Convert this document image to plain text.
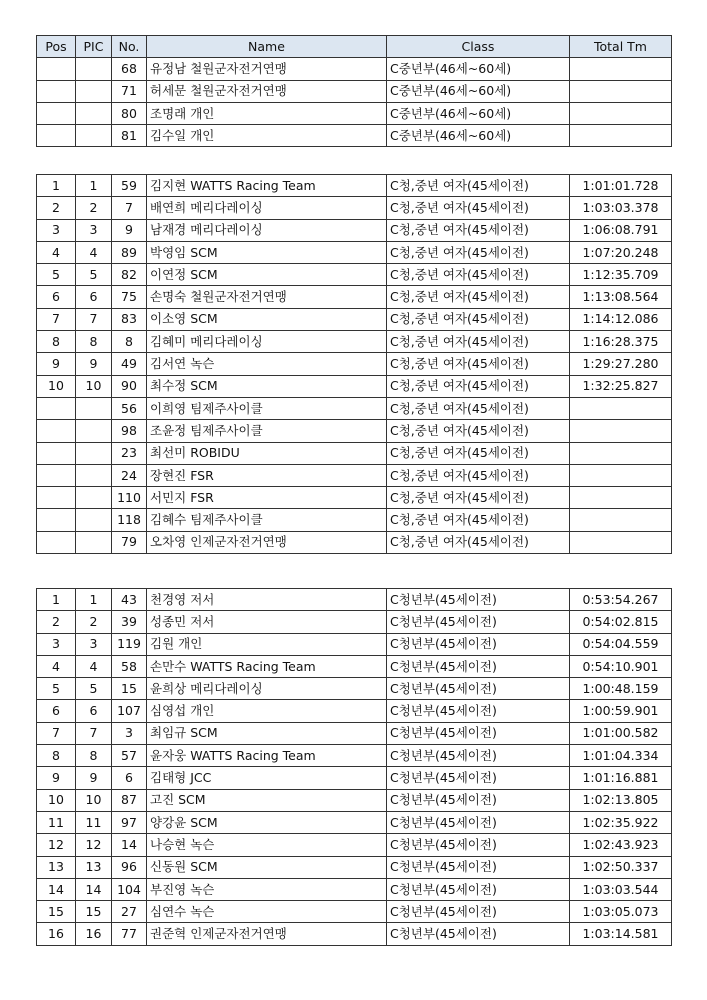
Pos	PIC	No.	Name	Class	Total Tm
		68	유정남 철원군자전거연맹	C중년부(46세~60세)	
		71	허세문 철원군자전거연맹	C중년부(46세~60세)	
		80	조명래 개인	C중년부(46세~60세)	
		81	김수일 개인	C중년부(46세~60세)	
1	1	59	김지현 WATTS Racing Team	C청,중년 여자(45세이전)	1:01:01.728
2	2	7	배연희 메리다레이싱	C청,중년 여자(45세이전)	1:03:03.378
3	3	9	남재경 메리다레이싱	C청,중년 여자(45세이전)	1:06:08.791
4	4	89	박영임 SCM	C청,중년 여자(45세이전)	1:07:20.248
5	5	82	이연정 SCM	C청,중년 여자(45세이전)	1:12:35.709
6	6	75	손명숙 철원군자전거연맹	C청,중년 여자(45세이전)	1:13:08.564
7	7	83	이소영 SCM	C청,중년 여자(45세이전)	1:14:12.086
8	8	8	김혜미 메리다레이싱	C청,중년 여자(45세이전)	1:16:28.375
9	9	49	김서연 녹슨	C청,중년 여자(45세이전)	1:29:27.280
10	10	90	최수정 SCM	C청,중년 여자(45세이전)	1:32:25.827
		56	이희영 팀제주사이클	C청,중년 여자(45세이전)	
		98	조윤정 팀제주사이클	C청,중년 여자(45세이전)	
		23	최선미 ROBIDU	C청,중년 여자(45세이전)	
		24	장현진 FSR	C청,중년 여자(45세이전)	
		110	서민지 FSR	C청,중년 여자(45세이전)	
		118	김혜수 팀제주사이클	C청,중년 여자(45세이전)	
		79	오차영 인제군자전거연맹	C청,중년 여자(45세이전)	
1	1	43	천경영 저서	C청년부(45세이전)	0:53:54.267
2	2	39	성종민 저서	C청년부(45세이전)	0:54:02.815
3	3	119	김원 개인	C청년부(45세이전)	0:54:04.559
4	4	58	손만수 WATTS Racing Team	C청년부(45세이전)	0:54:10.901
5	5	15	윤희상 메리다레이싱	C청년부(45세이전)	1:00:48.159
6	6	107	심영섭 개인	C청년부(45세이전)	1:00:59.901
7	7	3	최임규 SCM	C청년부(45세이전)	1:01:00.582
8	8	57	윤자웅 WATTS Racing Team	C청년부(45세이전)	1:01:04.334
9	9	6	김태형 JCC	C청년부(45세이전)	1:01:16.881
10	10	87	고진 SCM	C청년부(45세이전)	1:02:13.805
11	11	97	양강윤 SCM	C청년부(45세이전)	1:02:35.922
12	12	14	나승현 녹슨	C청년부(45세이전)	1:02:43.923
13	13	96	신동원 SCM	C청년부(45세이전)	1:02:50.337
14	14	104	부진영 녹슨	C청년부(45세이전)	1:03:03.544
15	15	27	심연수 녹슨	C청년부(45세이전)	1:03:05.073
16	16	77	권준혁 인제군자전거연맹	C청년부(45세이전)	1:03:14.581
